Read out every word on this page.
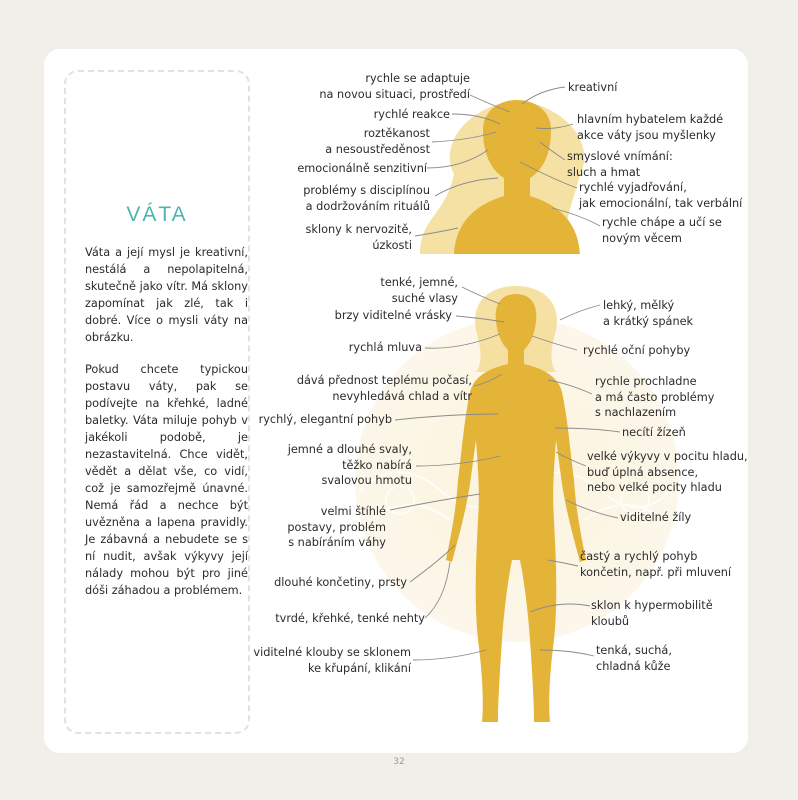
VÁTA
Váta a její mysl je kreativní, nestálá a nepolapitelná, skutečně jako vítr. Má sklony zapomínat jak zlé, tak i dobré. Více o mysli váty na obrázku.
Pokud chcete typickou postavu váty, pak se podívejte na křehké, ladné baletky. Váta miluje pohyb v jakékoli podobě, je nezastavitelná. Chce vidět, vědět a dělat vše, co vidí, což je samozřejmě únavné. Nemá řád a nechce být uvězněna a lapena pravidly. Je zábavná a nebudete se s ní nudit, avšak výkyvy její nálady mohou být pro jiné dóši záhadou a problémem.
rychle se adaptuje
na novou situaci, prostředí	kreativní
rychlé reakce	hlavním hybatelem každé
akce váty jsou myšlenky
roztěkanost
a nesoustředěnost
smyslové vnímání:
sluch a hmat
emocionálně senzitivní
rychlé vyjadřování,
jak emocionální, tak verbální
problémy s disciplínou
a dodržováním rituálů
rychle chápe a učí se
novým věcem
sklony k nervozitě,
úzkosti
tenké, jemné,
suché vlasy
lehký, mělký
a krátký spánek
brzy viditelné vrásky
rychlá mluva	rychlé oční pohyby
dává přednost teplému počasí,
nevyhledává chlad a vítr
rychle prochladne
a má často problémy
s nachlazením
rychlý, elegantní pohyb
necítí žízeň
jemné a dlouhé svaly,
těžko nabírá
svalovou hmotu
velké výkyvy v pocitu hladu,
buď úplná absence,
nebo velké pocity hladu
velmi štíhlé
postavy, problém
s nabíráním váhy
viditelné žíly
častý a rychlý pohyb
končetin, např. při mluvení
dlouhé končetiny, prsty
sklon k hypermobilitě
kloubů
tvrdé, křehké, tenké nehty
tenká, suchá,
chladná kůže
viditelné klouby se sklonem
ke křupání, klikání
32
